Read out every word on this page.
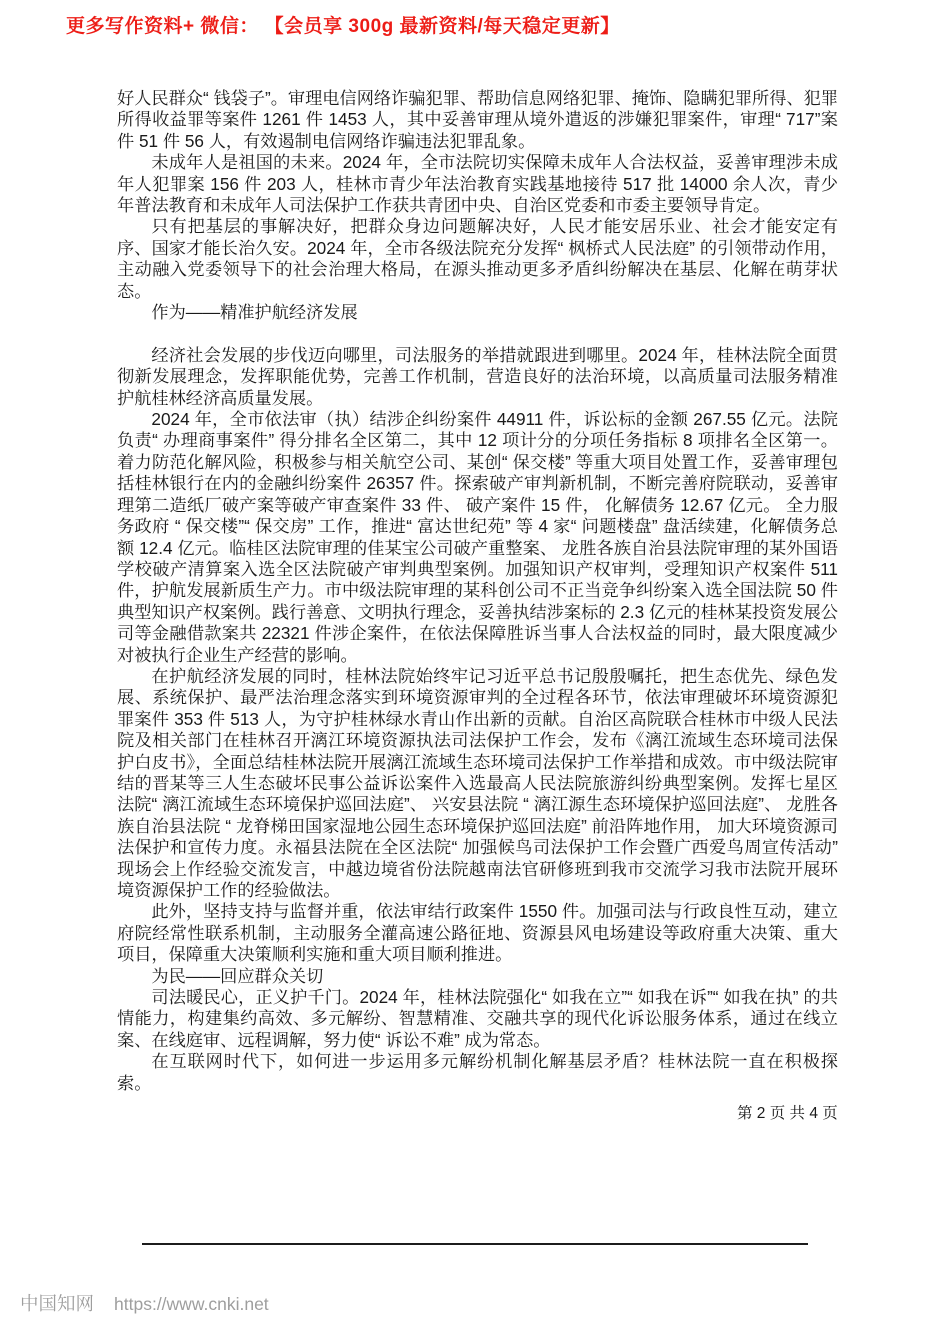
更多写作资料+ 微信： 【会员享 300g 最新资料/每天稳定更新】

好人民群众“ 钱袋子”。审理电信网络诈骗犯罪、帮助信息网络犯罪、掩饰、隐瞒犯罪所得、犯罪所得收益罪等案件 1261 件 1453 人，其中妥善审理从境外遣返的涉嫌犯罪案件，审理“ 717”案件 51 件 56 人，有效遏制电信网络诈骗违法犯罪乱象。

未成年人是祖国的未来。2024 年，全市法院切实保障未成年人合法权益，妥善审理涉未成年人犯罪案 156 件 203 人，桂林市青少年法治教育实践基地接待 517 批 14000 余人次，青少年普法教育和未成年人司法保护工作获共青团中央、自治区党委和市委主要领导肯定。

只有把基层的事解决好，把群众身边问题解决好，人民才能安居乐业、社会才能安定有序、国家才能长治久安。2024 年，全市各级法院充分发挥“ 枫桥式人民法庭” 的引领带动作用，主动融入党委领导下的社会治理大格局，在源头推动更多矛盾纠纷解决在基层、化解在萌芽状态。

作为——精准护航经济发展

经济社会发展的步伐迈向哪里，司法服务的举措就跟进到哪里。2024 年，桂林法院全面贯彻新发展理念，发挥职能优势，完善工作机制，营造良好的法治环境，以高质量司法服务精准护航桂林经济高质量发展。

2024 年，全市依法审（执）结涉企纠纷案件 44911 件，诉讼标的金额 267.55 亿元。法院负责“ 办理商事案件” 得分排名全区第二，其中 12 项计分的分项任务指标 8 项排名全区第一。着力防范化解风险，积极参与相关航空公司、某创“ 保交楼” 等重大项目处置工作，妥善审理包括桂林银行在内的金融纠纷案件 26357 件。探索破产审判新机制，不断完善府院联动，妥善审理第二造纸厂破产案等破产审查案件 33 件、 破产案件 15 件， 化解债务 12.67 亿元。 全力服务政府 “ 保交楼”“ 保交房” 工作，推进“ 富达世纪苑” 等 4 家“ 问题楼盘” 盘活续建，化解债务总额 12.4 亿元。临桂区法院审理的佳某宝公司破产重整案、 龙胜各族自治县法院审理的某外国语学校破产清算案入选全区法院破产审判典型案例。加强知识产权审判，受理知识产权案件 511 件，护航发展新质生产力。市中级法院审理的某科创公司不正当竞争纠纷案入选全国法院 50 件典型知识产权案例。践行善意、文明执行理念，妥善执结涉案标的 2.3 亿元的桂林某投资发展公司等金融借款案共 22321 件涉企案件，在依法保障胜诉当事人合法权益的同时，最大限度减少对被执行企业生产经营的影响。

在护航经济发展的同时，桂林法院始终牢记习近平总书记殷殷嘱托，把生态优先、绿色发展、系统保护、最严法治理念落实到环境资源审判的全过程各环节，依法审理破坏环境资源犯罪案件 353 件 513 人，为守护桂林绿水青山作出新的贡献。自治区高院联合桂林市中级人民法院及相关部门在桂林召开漓江环境资源执法司法保护工作会，发布《漓江流域生态环境司法保护白皮书》，全面总结桂林法院开展漓江流域生态环境司法保护工作举措和成效。市中级法院审结的晋某等三人生态破坏民事公益诉讼案件入选最高人民法院旅游纠纷典型案例。发挥七星区法院“ 漓江流域生态环境保护巡回法庭”、 兴安县法院 “ 漓江源生态环境保护巡回法庭”、 龙胜各族自治县法院 “ 龙脊梯田国家湿地公园生态环境保护巡回法庭” 前沿阵地作用， 加大环境资源司法保护和宣传力度。永福县法院在全区法院“ 加强候鸟司法保护工作会暨广西爱鸟周宣传活动” 现场会上作经验交流发言，中越边境省份法院越南法官研修班到我市交流学习我市法院开展环境资源保护工作的经验做法。

此外，坚持支持与监督并重，依法审结行政案件 1550 件。加强司法与行政良性互动，建立府院经常性联系机制，主动服务全灌高速公路征地、资源县风电场建设等政府重大决策、重大项目，保障重大决策顺利实施和重大项目顺利推进。

为民——回应群众关切

司法暖民心，正义护千门。2024 年，桂林法院强化“ 如我在立”“ 如我在诉”“ 如我在执” 的共情能力，构建集约高效、多元解纷、智慧精准、交融共享的现代化诉讼服务体系，通过在线立案、在线庭审、远程调解，努力使“ 诉讼不难” 成为常态。

在互联网时代下，如何进一步运用多元解纷机制化解基层矛盾？桂林法院一直在积极探索。

第 2 页 共 4 页
中国知网 https://www.cnki.net
